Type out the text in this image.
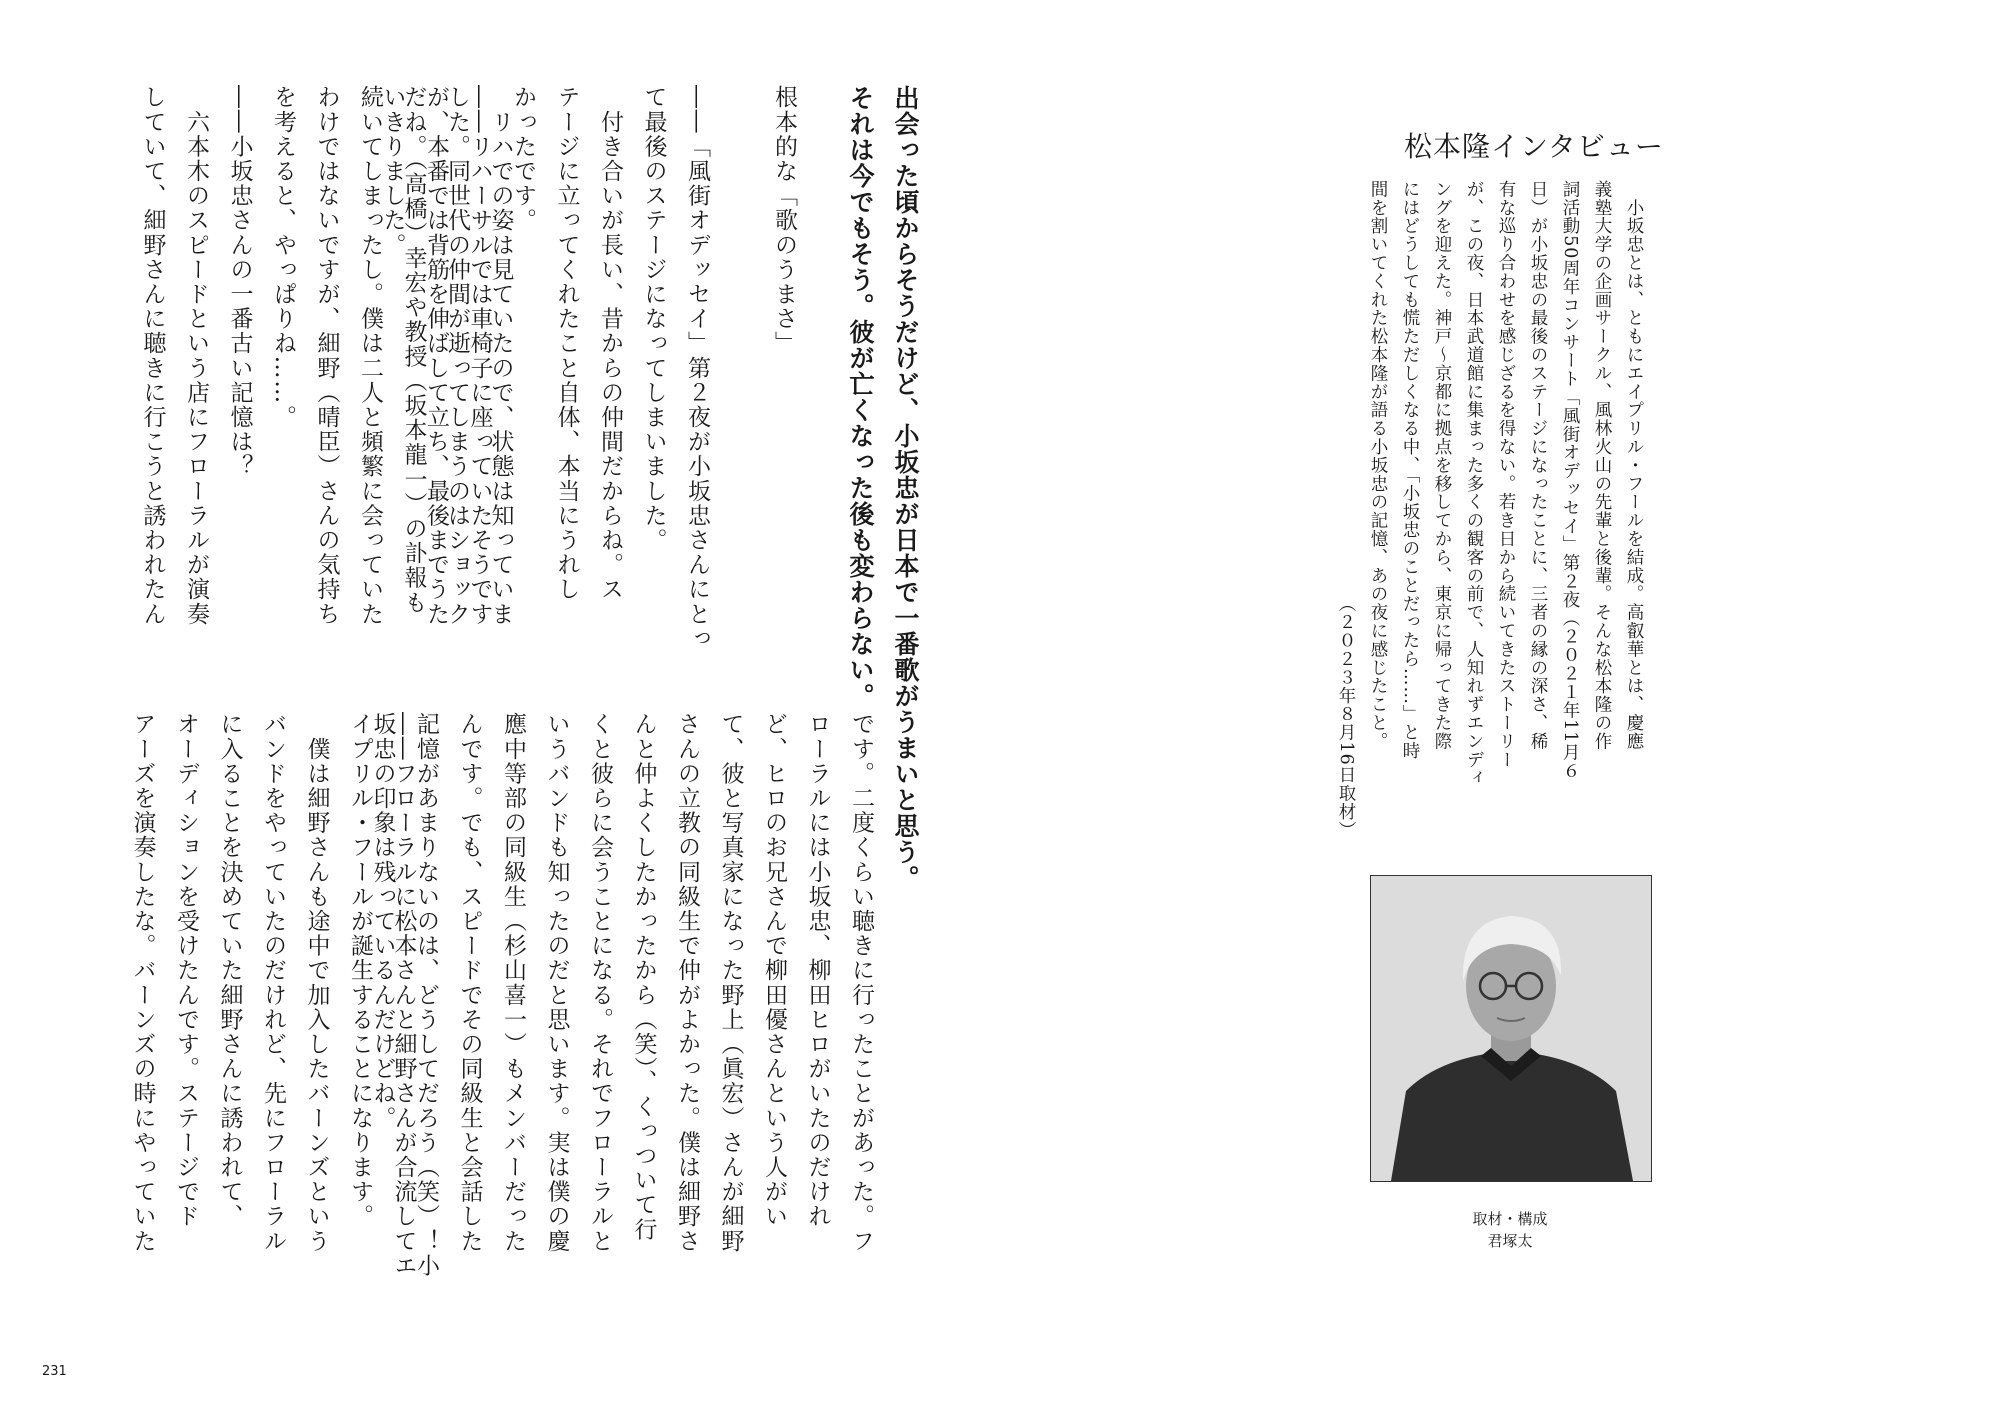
出会った頃からそうだけど、小坂忠が日本で一番歌がうまいと思う。
それは今でもそう。彼が亡くなった後も変わらない。

根本的な「歌のうまさ」

――「風街オデッセイ」第２夜が小坂忠さんにとっ
て最後のステージになってしまいました。
　付き合いが長い、昔からの仲間だからね。ス
テージに立ってくれたこと自体、本当にうれし
かったです。
――リハーサルでは車椅子に座っていたそうです
が、本番では背筋を伸ばして立ち、最後までうた
いきりました。	　リハでの姿は見ていたので、状態は知っていま
した。同世代の仲間が逝ってしまうのはショック
だね。（高橋）幸宏や教授（坂本龍一）の訃報も
続いてしまったし。僕は二人と頻繁に会っていた
わけではないですが、細野（晴臣）さんの気持ち
を考えると、やっぱりね……。
――小坂忠さんの一番古い記憶は？
　六本木のスピードという店にフローラルが演奏
していて、細野さんに聴きに行こうと誘われたん

です。二度くらい聴きに行ったことがあった。フ
ローラルには小坂忠、柳田ヒロがいたのだけれ
ど、ヒロのお兄さんで柳田優さんという人がい
て、彼と写真家になった野上（眞宏）さんが細野
さんの立教の同級生で仲がよかった。僕は細野さ
んと仲よくしたかったから（笑）、くっついて行
くと彼らに会うことになる。それでフローラルと
いうバンドも知ったのだと思います。実は僕の慶
應中等部の同級生（杉山喜一）もメンバーだった
んです。でも、スピードでその同級生と会話した
記憶があまりないのは、どうしてだろう（笑）！小
坂忠の印象は残っているんだけどね。

――フローラルに松本さんと細野さんが合流してエ
イプリル・フールが誕生することになります。
　僕は細野さんも途中で加入したバーンズという
バンドをやっていたのだけれど、先にフローラル
に入ることを決めていた細野さんに誘われて、
オーディションを受けたんです。ステージでド
アーズを演奏したな。バーンズの時にやっていた

231
松本隆インタビュー

　小坂忠とは、ともにエイプリル・フールを結成。高叡華とは、慶應
義塾大学の企画サークル、風林火山の先輩と後輩。そんな松本隆の作
詞活動50周年コンサート「風街オデッセイ」第２夜（２０２１年11月６
日）が小坂忠の最後のステージになったことに、三者の縁の深さ、稀
有な巡り合わせを感じざるを得ない。若き日から続いてきたストーリー
が、この夜、日本武道館に集まった多くの観客の前で、人知れずエンディ
ングを迎えた。神戸～京都に拠点を移してから、東京に帰ってきた際
にはどうしても慌ただしくなる中、「小坂忠のことだったら……」と時
間を割いてくれた松本隆が語る小坂忠の記憶、あの夜に感じたこと。
　　　　　　　　　　　　　　　　　　　　　　　（２０２３年８月16日取材）

取材・構成
君塚太
